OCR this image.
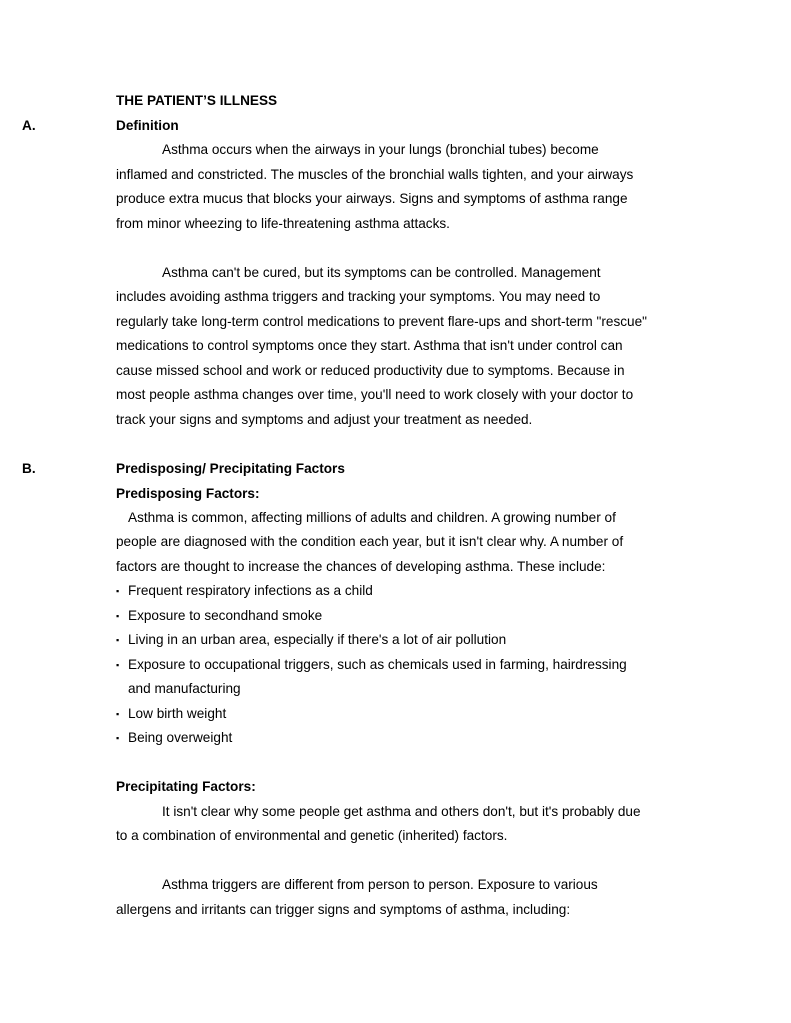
THE PATIENT’S ILLNESS
A.	Definition
Asthma occurs when the airways in your lungs (bronchial tubes) become
inflamed and constricted. The muscles of the bronchial walls tighten, and your airways
produce extra mucus that blocks your airways. Signs and symptoms of asthma range
from minor wheezing to life-threatening asthma attacks.
Asthma can't be cured, but its symptoms can be controlled. Management
includes avoiding asthma triggers and tracking your symptoms. You may need to
regularly take long-term control medications to prevent flare-ups and short-term "rescue"
medications to control symptoms once they start. Asthma that isn't under control can
cause missed school and work or reduced productivity due to symptoms. Because in
most people asthma changes over time, you'll need to work closely with your doctor to
track your signs and symptoms and adjust your treatment as needed.
B.	Predisposing/ Precipitating Factors
Predisposing Factors:
Asthma is common, affecting millions of adults and children. A growing number of
people are diagnosed with the condition each year, but it isn't clear why. A number of
factors are thought to increase the chances of developing asthma. These include:
▪ Frequent respiratory infections as a child
▪ Exposure to secondhand smoke
▪ Living in an urban area, especially if there's a lot of air pollution
▪ Exposure to occupational triggers, such as chemicals used in farming, hairdressing
and manufacturing
▪ Low birth weight
▪ Being overweight
Precipitating Factors:
It isn't clear why some people get asthma and others don't, but it's probably due
to a combination of environmental and genetic (inherited) factors.
Asthma triggers are different from person to person. Exposure to various
allergens and irritants can trigger signs and symptoms of asthma, including:
